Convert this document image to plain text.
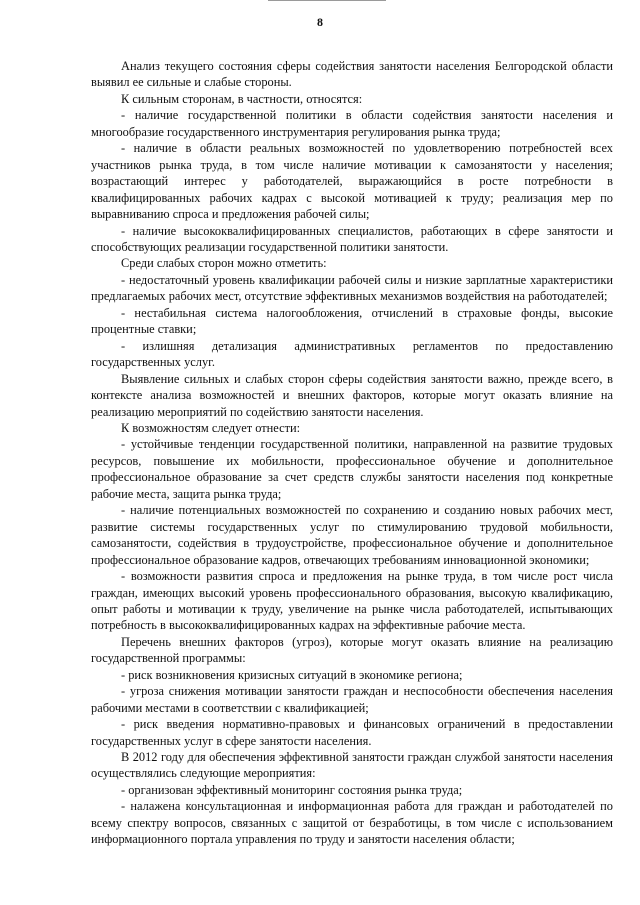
8

Анализ текущего состояния сферы содействия занятости населения Белгородской области выявил ее сильные и слабые стороны.

К сильным сторонам, в частности, относятся:

- наличие государственной политики в области содействия занятости населения и многообразие государственного инструментария регулирования рынка труда;

- наличие в области реальных возможностей по удовлетворению потребностей всех участников рынка труда, в том числе наличие мотивации к самозанятости у населения; возрастающий интерес у работодателей, выражающийся в росте потребности в квалифицированных рабочих кадрах с высокой мотивацией к труду; реализация мер по выравниванию спроса и предложения рабочей силы;

- наличие высококвалифицированных специалистов, работающих в сфере занятости и способствующих реализации государственной политики занятости.

Среди слабых сторон можно отметить:

- недостаточный уровень квалификации рабочей силы и низкие зарплатные характеристики предлагаемых рабочих мест, отсутствие эффективных механизмов воздействия на работодателей;

- нестабильная система налогообложения, отчислений в страховые фонды, высокие процентные ставки;

- излишняя детализация административных регламентов по предоставлению государственных услуг.

Выявление сильных и слабых сторон сферы содействия занятости важно, прежде всего, в контексте анализа возможностей и внешних факторов, которые могут оказать влияние на реализацию мероприятий по содействию занятости населения.

К возможностям следует отнести:

- устойчивые тенденции государственной политики, направленной на развитие трудовых ресурсов, повышение их мобильности, профессиональное обучение и дополнительное профессиональное образование за счет средств службы занятости населения под конкретные рабочие места, защита рынка труда;

- наличие потенциальных возможностей по сохранению и созданию новых рабочих мест, развитие системы государственных услуг по стимулированию трудовой мобильности, самозанятости, содействия в трудоустройстве, профессиональное обучение и дополнительное профессиональное образование кадров, отвечающих требованиям инновационной экономики;

- возможности развития спроса и предложения на рынке труда, в том числе рост числа граждан, имеющих высокий уровень профессионального образования, высокую квалификацию, опыт работы и мотивации к труду, увеличение на рынке числа работодателей, испытывающих потребность в высококвалифицированных кадрах на эффективные рабочие места.

Перечень внешних факторов (угроз), которые могут оказать влияние на реализацию государственной программы:

- риск возникновения кризисных ситуаций в экономике региона;

- угроза снижения мотивации занятости граждан и неспособности обеспечения населения рабочими местами в соответствии с квалификацией;

- риск введения нормативно-правовых и финансовых ограничений в предоставлении государственных услуг в сфере занятости населения.

В 2012 году для обеспечения эффективной занятости граждан службой занятости населения осуществлялись следующие мероприятия:

- организован эффективный мониторинг состояния рынка труда;

- налажена консультационная и информационная работа для граждан и работодателей по всему спектру вопросов, связанных с защитой от безработицы, в том числе с использованием информационного портала управления по труду и занятости населения области;
